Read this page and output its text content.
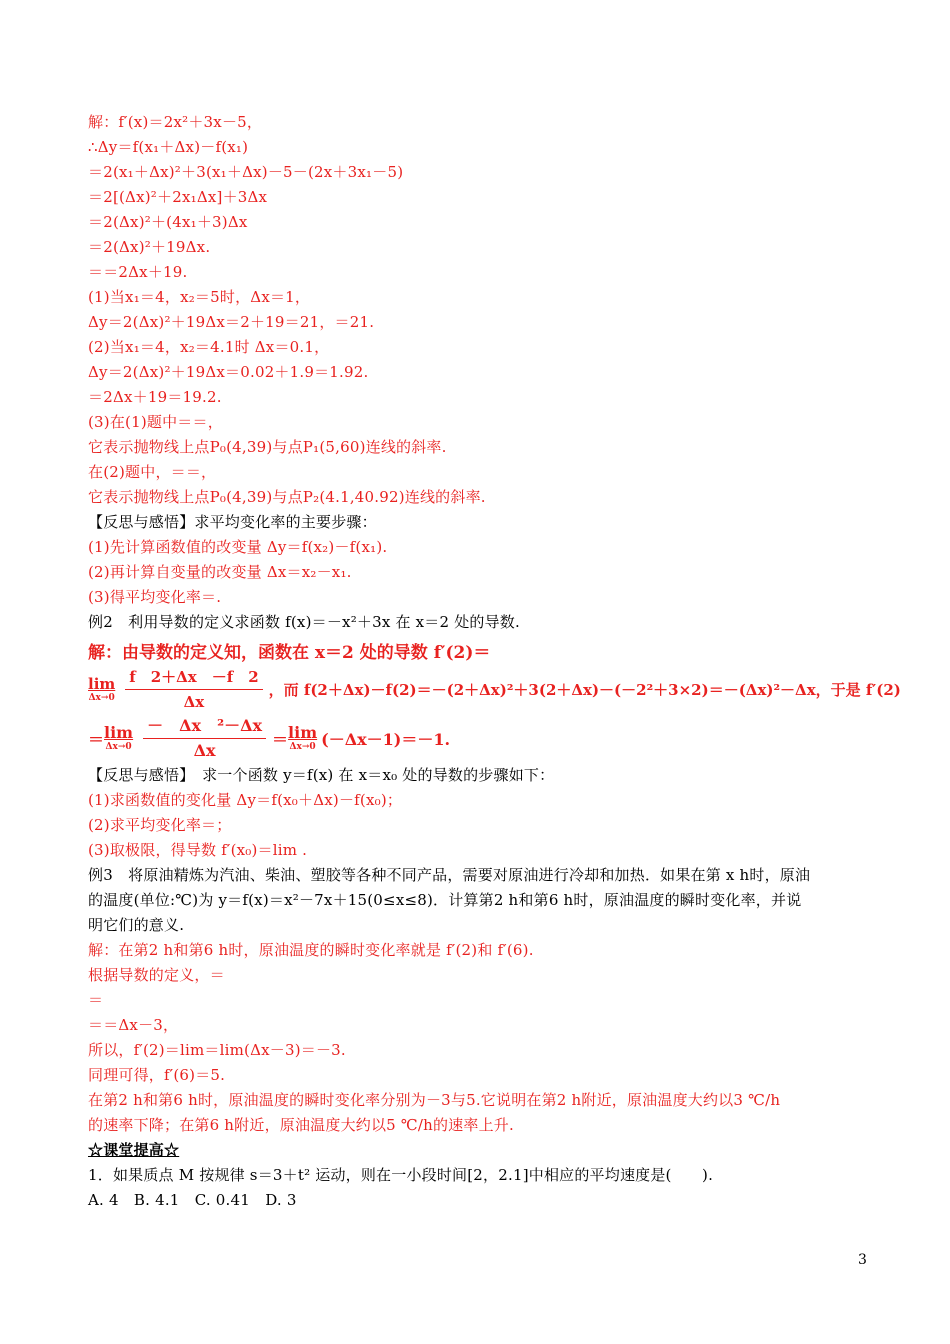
解：f′(x)＝2x²＋3x－5，
∴Δy＝f(x₁＋Δx)－f(x₁)
＝2(x₁＋Δx)²＋3(x₁＋Δx)－5－(2x＋3x₁－5)
＝2[(Δx)²＋2x₁Δx]＋3Δx
＝2(Δx)²＋(4x₁＋3)Δx
＝2(Δx)²＋19Δx.
＝＝2Δx＋19.
(1)当x₁＝4，x₂＝5时，Δx＝1，
Δy＝2(Δx)²＋19Δx＝2＋19＝21，＝21.
(2)当x₁＝4，x₂＝4.1时 Δx＝0.1，
Δy＝2(Δx)²＋19Δx＝0.02＋1.9＝1.92.
＝2Δx＋19＝19.2.
(3)在(1)题中＝＝，
它表示抛物线上点P₀(4,39)与点P₁(5,60)连线的斜率.
在(2)题中，＝＝，
它表示抛物线上点P₀(4,39)与点P₂(4.1,40.92)连线的斜率.
【反思与感悟】求平均变化率的主要步骤：
(1)先计算函数值的改变量 Δy＝f(x₂)－f(x₁).
(2)再计算自变量的改变量 Δx＝x₂－x₁.
(3)得平均变化率＝.
例2　利用导数的定义求函数 f(x)＝－x²＋3x 在 x＝2 处的导数.
解：由导数的定义知，函数在 x＝2 处的导数 f′(2)＝
lim
$\Delta x\to 0 \frac{f 2+\Delta x -f 2}{\Delta x}$ ，而 f(2＋Δx)－f(2)＝－(2＋Δx)²＋3(2＋Δx)－(－2²＋3×2)＝－(Δx)²－Δx，于是 f′(2)
＝ lim
$\Delta x\to 0 \frac{\text{－　Δx　²－Δx}}{\Delta x} = \lim$
Δx→0 (－Δx－1)＝－1.
【反思与感悟】　求一个函数 y＝f(x) 在 x＝x₀ 处的导数的步骤如下：
(1)求函数值的变化量 Δy＝f(x₀＋Δx)－f(x₀)；
(2)求平均变化率＝；
(3)取极限，得导数 f′(x₀)＝lim .
例3　将原油精炼为汽油、柴油、塑胶等各种不同产品，需要对原油进行冷却和加热．如果在第 x h时，原油
的温度(单位:℃)为 y＝f(x)＝x²－7x＋15(0≤x≤8)．计算第2 h和第6 h时，原油温度的瞬时变化率，并说
明它们的意义.
解：在第2 h和第6 h时，原油温度的瞬时变化率就是 f′(2)和 f′(6).
根据导数的定义，＝
＝
＝＝Δx－3，
所以，f′(2)＝lim＝lim(Δx－3)＝－3.
同理可得，f′(6)＝5.
在第2 h和第6 h时，原油温度的瞬时变化率分别为－3与5.它说明在第2 h附近，原油温度大约以3 ℃/h
的速率下降；在第6 h附近，原油温度大约以5 ℃/h的速率上升.
☆课堂提高☆
1．如果质点 M 按规律 s＝3＋t² 运动，则在一小段时间[2，2.1]中相应的平均速度是(　　).
A. 4　B. 4.1　C. 0.41　D. 3
3
